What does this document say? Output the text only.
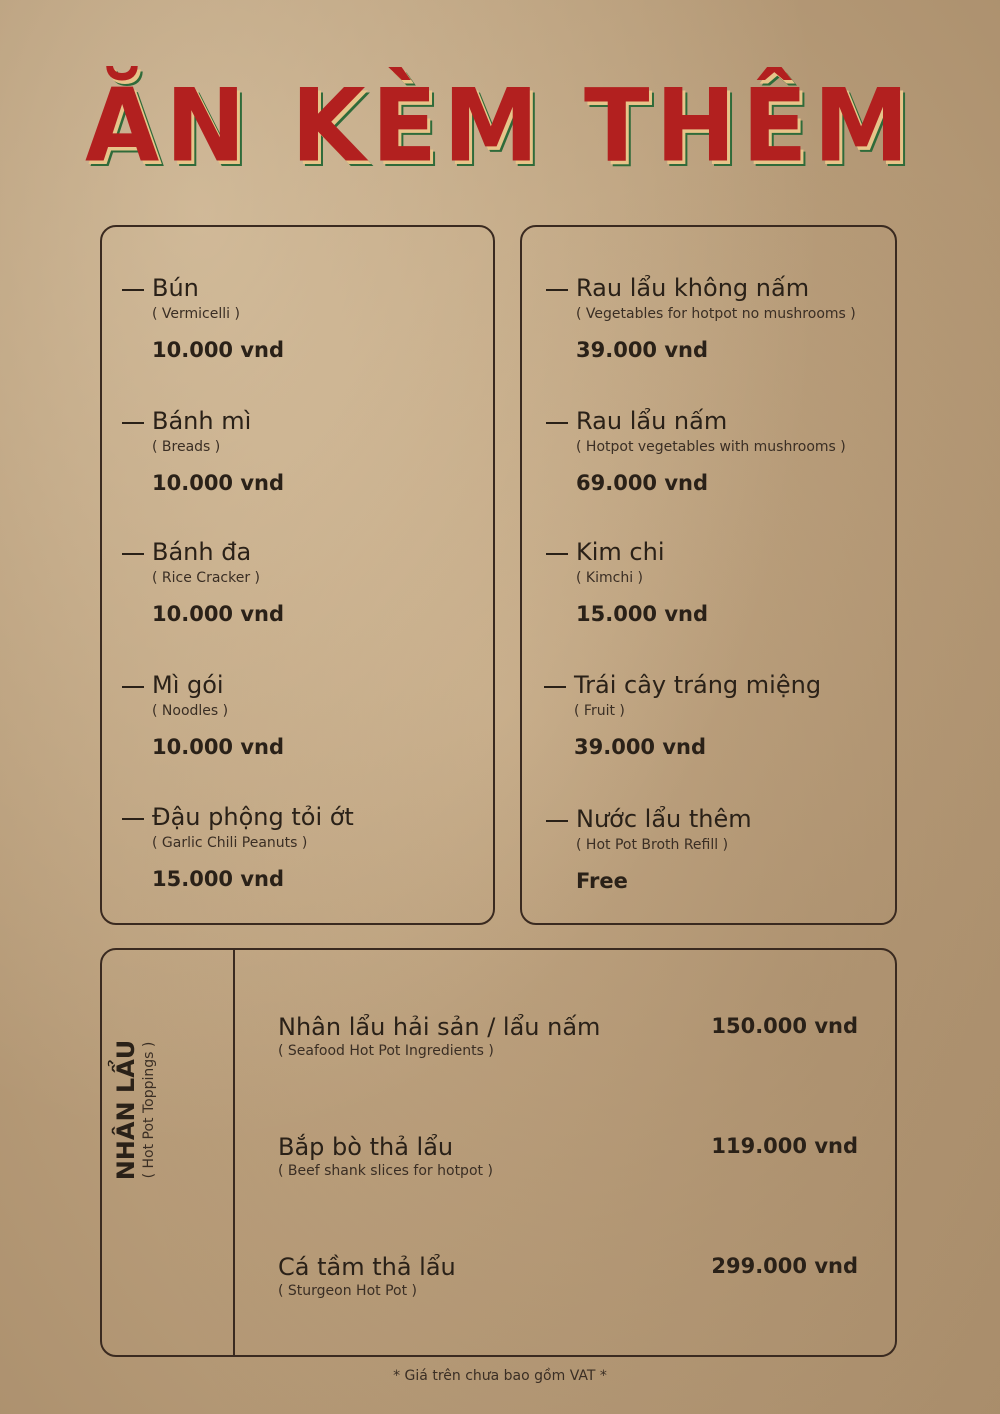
ĂN KÈM THÊM
Bún
( Vermicelli )
10.000 vnd
Bánh mì
( Breads )
10.000 vnd
Bánh đa
( Rice Cracker )
10.000 vnd
Mì gói
( Noodles )
10.000 vnd
Đậu phộng tỏi ớt
( Garlic Chili Peanuts )
15.000 vnd
Rau lẩu không nấm
( Vegetables for hotpot no mushrooms )
39.000 vnd
Rau lẩu nấm
( Hotpot vegetables with mushrooms )
69.000 vnd
Kim chi
( Kimchi )
15.000 vnd
Trái cây tráng miệng
( Fruit )
39.000 vnd
Nước lẩu thêm
( Hot Pot Broth Refill )
Free
NHÂN LẨU ( Hot Pot Toppings )
Nhân lẩu hải sản / lẩu nấm
( Seafood Hot Pot Ingredients )
150.000 vnd
Bắp bò thả lẩu
( Beef shank slices for hotpot )
119.000 vnd
Cá tầm thả lẩu
( Sturgeon Hot Pot )
299.000 vnd
* Giá trên chưa bao gồm VAT *
